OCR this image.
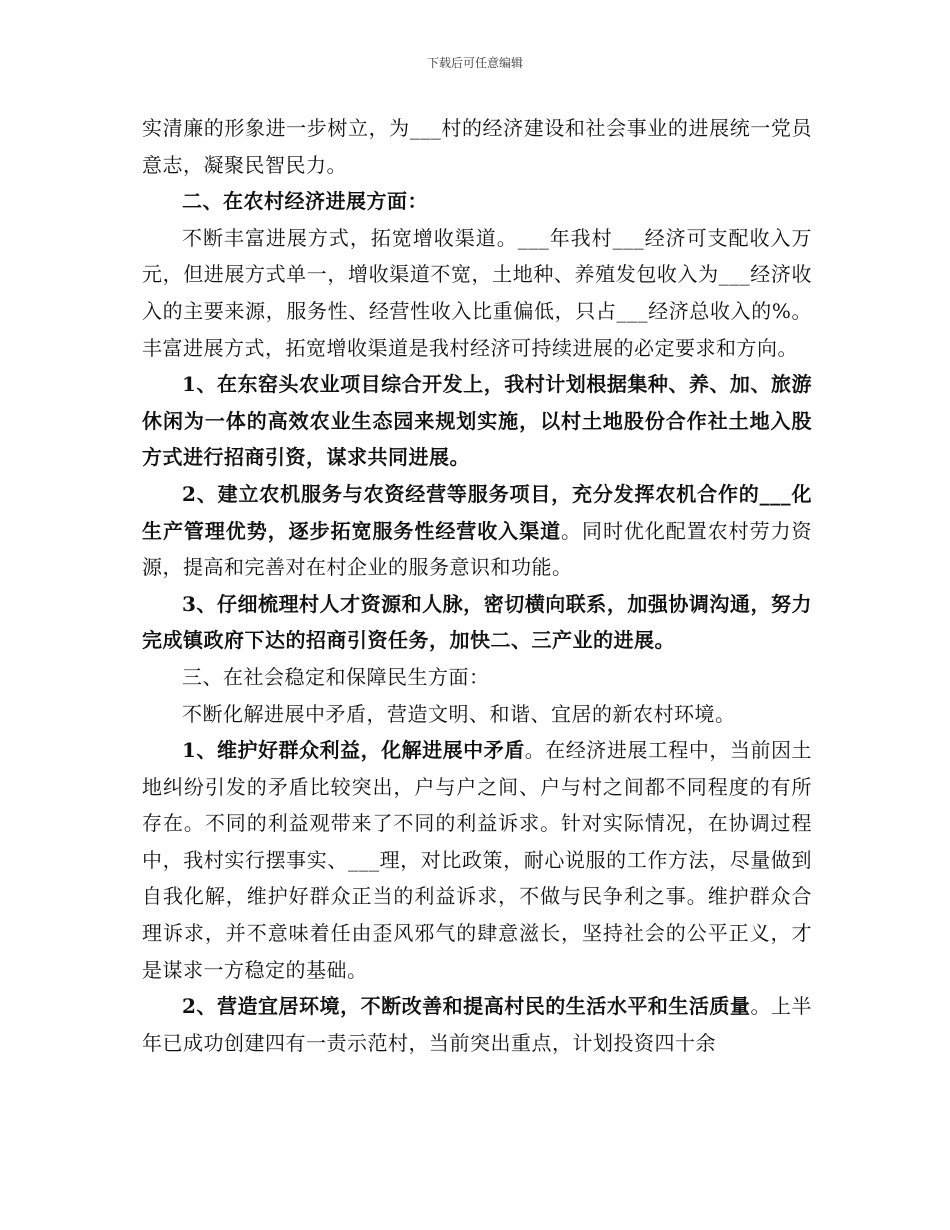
下载后可任意编辑

实清廉的形象进一步树立，为___村的经济建设和社会事业的进展统一党员意志，凝聚民智民力。

二、在农村经济进展方面：

不断丰富进展方式，拓宽增收渠道。___年我村___经济可支配收入万元，但进展方式单一，增收渠道不宽，土地种、养殖发包收入为___经济收入的主要来源，服务性、经营性收入比重偏低，只占___经济总收入的%。丰富进展方式，拓宽增收渠道是我村经济可持续进展的必定要求和方向。

1、在东窑头农业项目综合开发上，我村计划根据集种、养、加、旅游休闲为一体的高效农业生态园来规划实施，以村土地股份合作社土地入股方式进行招商引资，谋求共同进展。

2、建立农机服务与农资经营等服务项目，充分发挥农机合作的___化生产管理优势，逐步拓宽服务性经营收入渠道。同时优化配置农村劳力资源，提高和完善对在村企业的服务意识和功能。

3、仔细梳理村人才资源和人脉，密切横向联系，加强协调沟通，努力完成镇政府下达的招商引资任务，加快二、三产业的进展。

三、在社会稳定和保障民生方面：

不断化解进展中矛盾，营造文明、和谐、宜居的新农村环境。

1、维护好群众利益，化解进展中矛盾。在经济进展工程中，当前因土地纠纷引发的矛盾比较突出，户与户之间、户与村之间都不同程度的有所存在。不同的利益观带来了不同的利益诉求。针对实际情况，在协调过程中，我村实行摆事实、___理，对比政策，耐心说服的工作方法，尽量做到自我化解，维护好群众正当的利益诉求，不做与民争利之事。维护群众合理诉求，并不意味着任由歪风邪气的肆意滋长，坚持社会的公平正义，才是谋求一方稳定的基础。

2、营造宜居环境，不断改善和提高村民的生活水平和生活质量。上半年已成功创建四有一责示范村，当前突出重点，计划投资四十余
